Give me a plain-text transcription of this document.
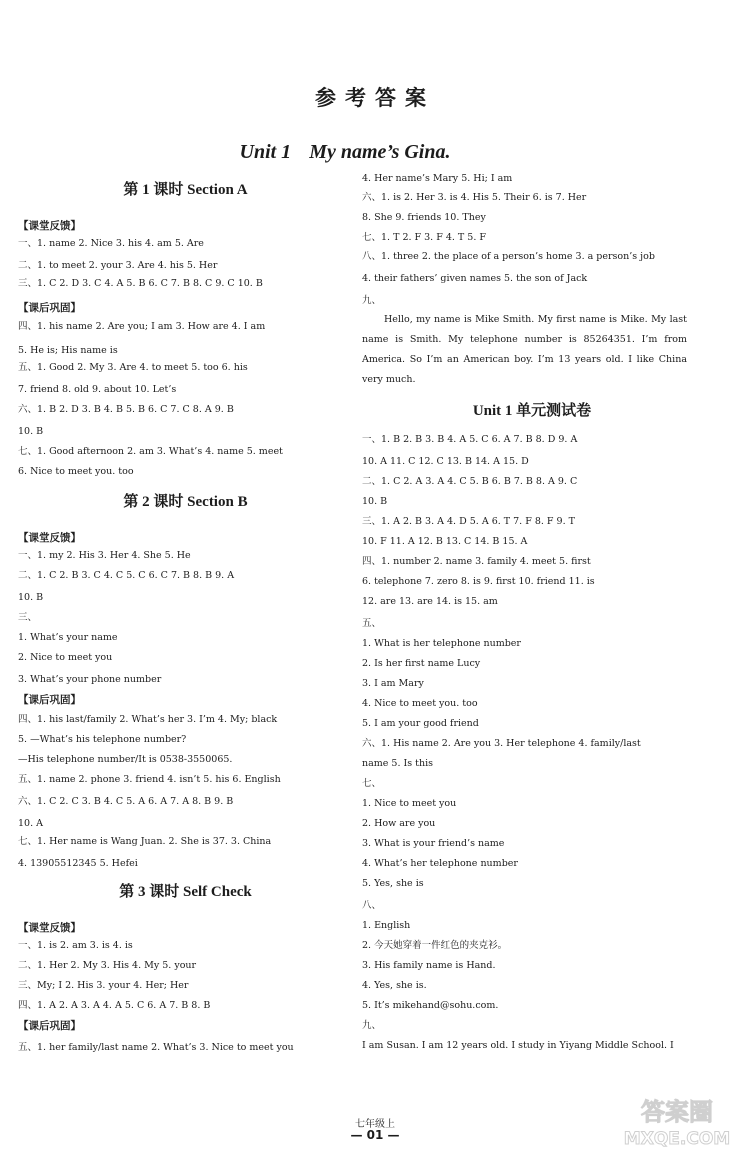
参考答案
Unit 1 My name’s Gina.
第 1 课时 Section A
【课堂反馈】
一、1. name 2. Nice 3. his 4. am 5. Are
二、1. to meet 2. your 3. Are 4. his 5. Her
三、1. C 2. D 3. C 4. A 5. B 6. C 7. B 8. C 9. C 10. B
【课后巩固】
四、1. his name 2. Are you; I am 3. How are 4. I am
5. He is; His name is
五、1. Good 2. My 3. Are 4. to meet 5. too 6. his
7. friend 8. old 9. about 10. Let’s
六、1. B 2. D 3. B 4. B 5. B 6. C 7. C 8. A 9. B
10. B
七、1. Good afternoon 2. am 3. What’s 4. name 5. meet
6. Nice to meet you. too
第 2 课时 Section B
【课堂反馈】
一、1. my 2. His 3. Her 4. She 5. He
二、1. C 2. B 3. C 4. C 5. C 6. C 7. B 8. B 9. A
10. B
三、
1. What’s your name
2. Nice to meet you
3. What’s your phone number
【课后巩固】
四、1. his last/family 2. What’s her 3. I’m 4. My; black
5. —What’s his telephone number?
—His telephone number/It is 0538-3550065.
五、1. name 2. phone 3. friend 4. isn’t 5. his 6. English
六、1. C 2. C 3. B 4. C 5. A 6. A 7. A 8. B 9. B
10. A
七、1. Her name is Wang Juan. 2. She is 37. 3. China
4. 13905512345 5. Hefei
第 3 课时 Self Check
【课堂反馈】
一、1. is 2. am 3. is 4. is
二、1. Her 2. My 3. His 4. My 5. your
三、My; I 2. His 3. your 4. Her; Her
四、1. A 2. A 3. A 4. A 5. C 6. A 7. B 8. B
【课后巩固】
五、1. her family/last name 2. What’s 3. Nice to meet you
4. Her name’s Mary 5. Hi; I am
六、1. is 2. Her 3. is 4. His 5. Their 6. is 7. Her
8. She 9. friends 10. They
七、1. T 2. F 3. F 4. T 5. F
八、1. three 2. the place of a person’s home 3. a person’s job
4. their fathers’ given names 5. the son of Jack
九、
Hello, my name is Mike Smith. My first name is Mike. My last name is Smith. My telephone number is 85264351. I’m from America. So I’m an American boy. I’m 13 years old. I like China very much.
Unit 1 单元测试卷
一、1. B 2. B 3. B 4. A 5. C 6. A 7. B 8. D 9. A
10. A 11. C 12. C 13. B 14. A 15. D
二、1. C 2. A 3. A 4. C 5. B 6. B 7. B 8. A 9. C
10. B
三、1. A 2. B 3. A 4. D 5. A 6. T 7. F 8. F 9. T
10. F 11. A 12. B 13. C 14. B 15. A
四、1. number 2. name 3. family 4. meet 5. first
6. telephone 7. zero 8. is 9. first 10. friend 11. is
12. are 13. are 14. is 15. am
五、
1. What is her telephone number
2. Is her first name Lucy
3. I am Mary
4. Nice to meet you. too
5. I am your good friend
六、1. His name 2. Are you 3. Her telephone 4. family/last
name 5. Is this
七、
1. Nice to meet you
2. How are you
3. What is your friend’s name
4. What’s her telephone number
5. Yes, she is
八、
1. English
2. 今天她穿着一件红色的夹克衫。
3. His family name is Hand.
4. Yes, she is.
5. It’s mikehand@sohu.com.
九、
I am Susan. I am 12 years old. I study in Yiyang Middle School. I
七年级上
— 01 —
答案圈
MXQE.COM
